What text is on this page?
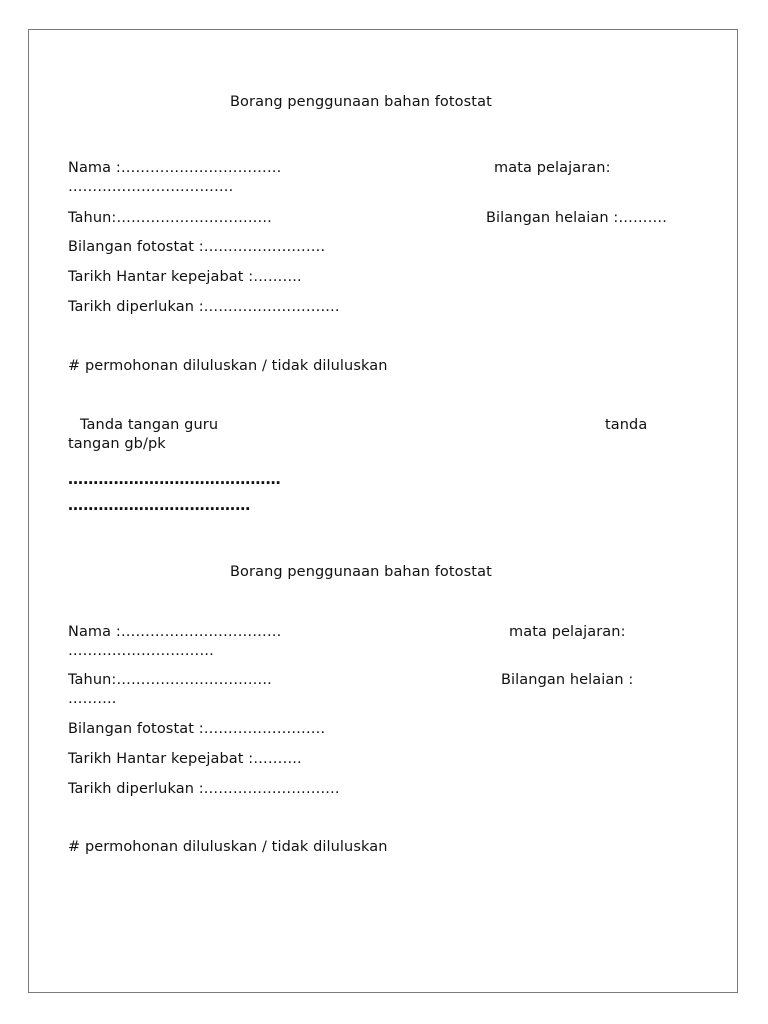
Borang penggunaan bahan fotostat
Nama :……………………………	mata pelajaran:
…………………………….
Tahun:…………………………..	Bilangan helaian :……….
Bilangan fotostat :…………………….
Tarikh Hantar kepejabat :……….
Tarikh diperlukan :…………………….…
# permohonan diluluskan / tidak diluluskan
Tanda tangan guru	tanda
tangan gb/pk
……………………………………
………………………………
Borang penggunaan bahan fotostat
Nama :……………………………	mata pelajaran:
…………………………
Tahun:…………………………..	Bilangan helaian :
……….
Bilangan fotostat :…………………….
Tarikh Hantar kepejabat :……….
Tarikh diperlukan :…………………….…
# permohonan diluluskan / tidak diluluskan
